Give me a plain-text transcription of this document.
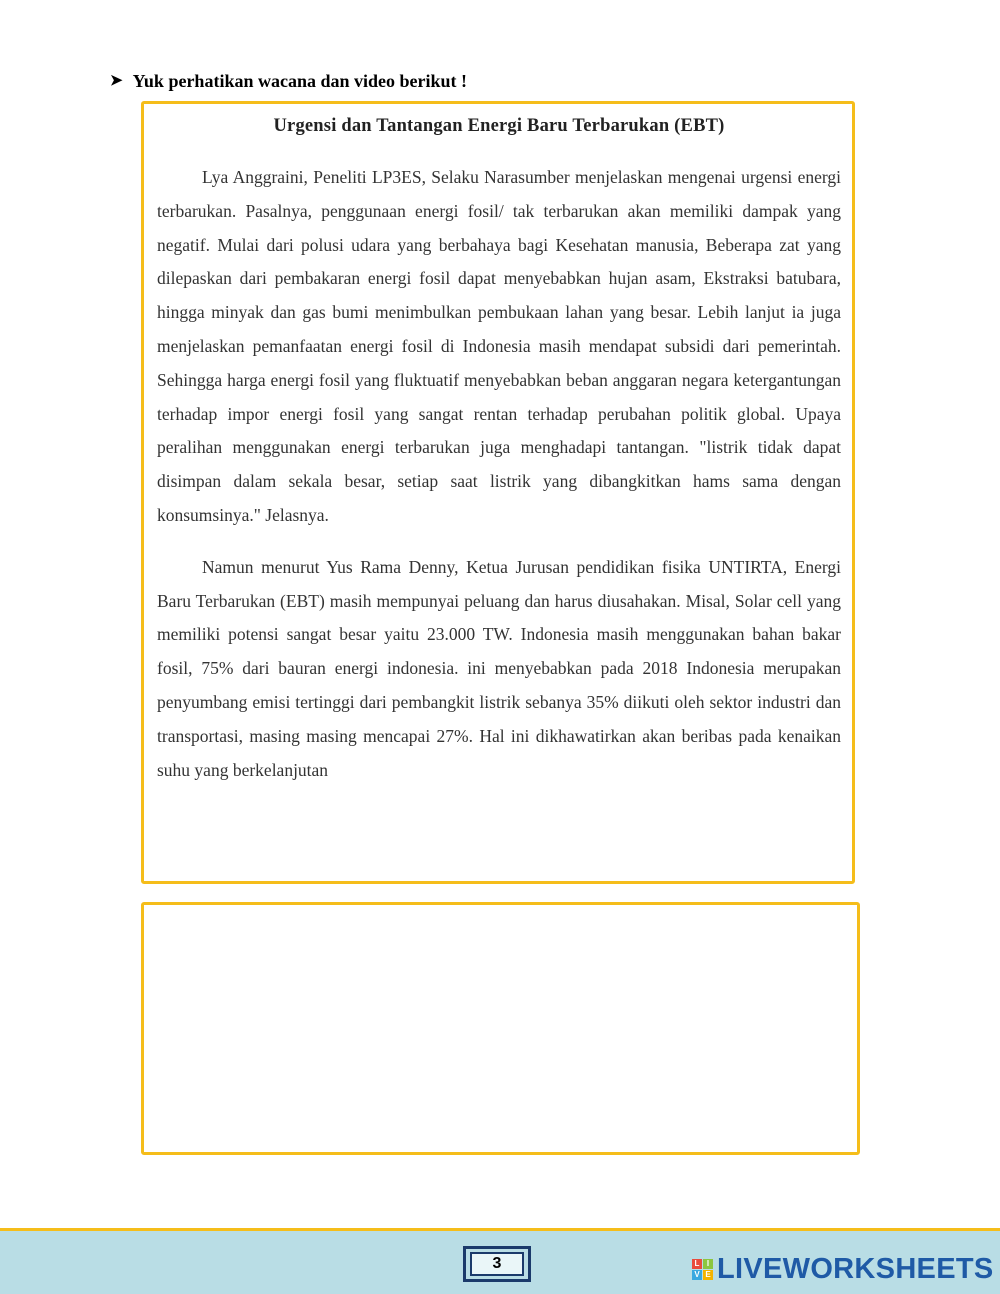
➤ Yuk perhatikan wacana dan video berikut !
Urgensi dan Tantangan Energi Baru Terbarukan (EBT)

Lya Anggraini, Peneliti LP3ES, Selaku Narasumber menjelaskan mengenai urgensi energi terbarukan. Pasalnya, penggunaan energi fosil/ tak terbarukan akan memiliki dampak yang negatif. Mulai dari polusi udara yang berbahaya bagi Kesehatan manusia, Beberapa zat yang dilepaskan dari pembakaran energi fosil dapat menyebabkan hujan asam, Ekstraksi batubara, hingga minyak dan gas bumi menimbulkan pembukaan lahan yang besar. Lebih lanjut ia juga menjelaskan pemanfaatan energi fosil di Indonesia masih mendapat subsidi dari pemerintah. Sehingga harga energi fosil yang fluktuatif menyebabkan beban anggaran negara ketergantungan terhadap impor energi fosil yang sangat rentan terhadap perubahan politik global. Upaya peralihan menggunakan energi terbarukan juga menghadapi tantangan. "listrik tidak dapat disimpan dalam sekala besar, setiap saat listrik yang dibangkitkan hams sama dengan konsumsinya." Jelasnya.

Namun menurut Yus Rama Denny, Ketua Jurusan pendidikan fisika UNTIRTA, Energi Baru Terbarukan (EBT) masih mempunyai peluang dan harus diusahakan. Misal, Solar cell yang memiliki potensi sangat besar yaitu 23.000 TW. Indonesia masih menggunakan bahan bakar fosil, 75% dari bauran energi indonesia. ini menyebabkan pada 2018 Indonesia merupakan penyumbang emisi tertinggi dari pembangkit listrik sebanya 35% diikuti oleh sektor industri dan transportasi, masing masing mencapai 27%. Hal ini dikhawatirkan akan beribas pada kenaikan suhu yang berkelanjutan

3	L I
V E LIVEWORKSHEETS
